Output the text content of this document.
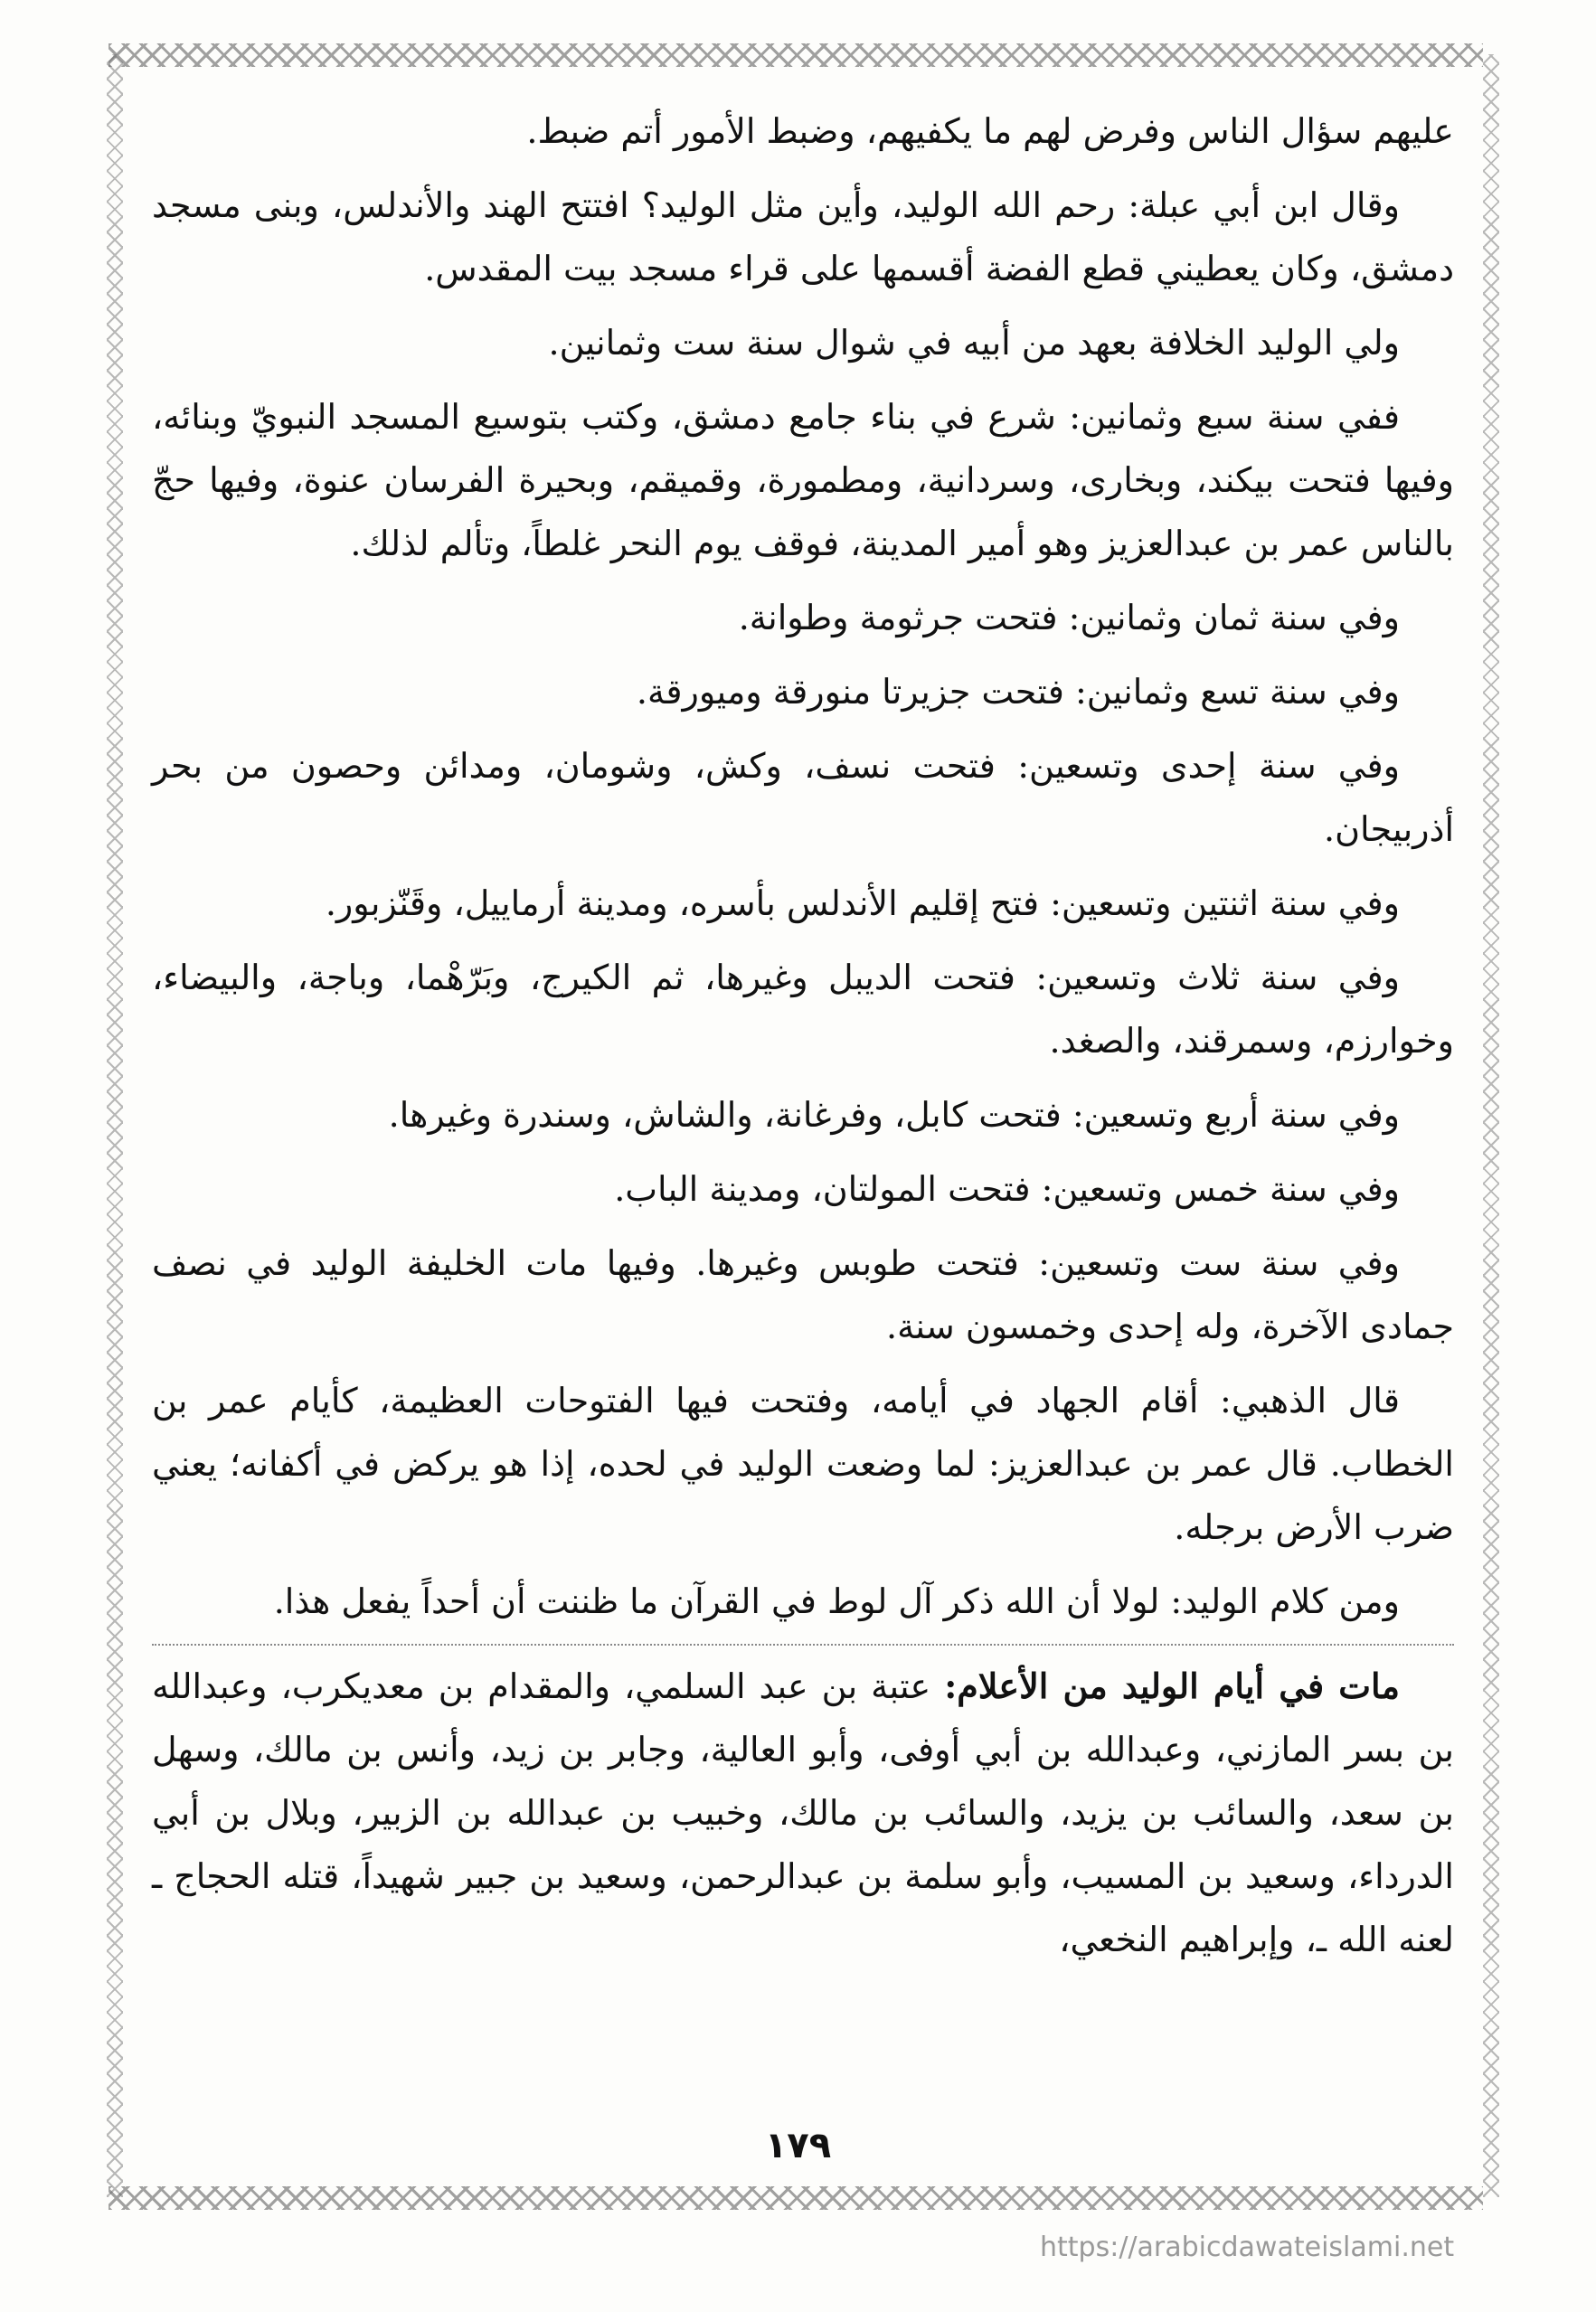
عليهم سؤال الناس وفرض لهم ما يكفيهم، وضبط الأمور أتم ضبط.

وقال ابن أبي عبلة: رحم الله الوليد، وأين مثل الوليد؟ افتتح الهند والأندلس، وبنى مسجد دمشق، وكان يعطيني قطع الفضة أقسمها على قراء مسجد بيت المقدس.

ولي الوليد الخلافة بعهد من أبيه في شوال سنة ست وثمانين.

ففي سنة سبع وثمانين: شرع في بناء جامع دمشق، وكتب بتوسيع المسجد النبويّ وبنائه، وفيها فتحت بيكند، وبخارى، وسردانية، ومطمورة، وقميقم، وبحيرة الفرسان عنوة، وفيها حجّ بالناس عمر بن عبدالعزيز وهو أمير المدينة، فوقف يوم النحر غلطاً، وتألم لذلك.

وفي سنة ثمان وثمانين: فتحت جرثومة وطوانة.

وفي سنة تسع وثمانين: فتحت جزيرتا منورقة وميورقة.

وفي سنة إحدى وتسعين: فتحت نسف، وكش، وشومان، ومدائن وحصون من بحر أذربيجان.

وفي سنة اثنتين وتسعين: فتح إقليم الأندلس بأسره، ومدينة أرماييل، وقَنّزبور.

وفي سنة ثلاث وتسعين: فتحت الديبل وغيرها، ثم الكيرج، وبَرّهْما، وباجة، والبيضاء، وخوارزم، وسمرقند، والصغد.

وفي سنة أربع وتسعين: فتحت كابل، وفرغانة، والشاش، وسندرة وغيرها.

وفي سنة خمس وتسعين: فتحت المولتان، ومدينة الباب.

وفي سنة ست وتسعين: فتحت طوبس وغيرها. وفيها مات الخليفة الوليد في نصف جمادى الآخرة، وله إحدى وخمسون سنة.

قال الذهبي: أقام الجهاد في أيامه، وفتحت فيها الفتوحات العظيمة، كأيام عمر بن الخطاب. قال عمر بن عبدالعزيز: لما وضعت الوليد في لحده، إذا هو يركض في أكفانه؛ يعني ضرب الأرض برجله.

ومن كلام الوليد: لولا أن الله ذكر آل لوط في القرآن ما ظننت أن أحداً يفعل هذا.

مات في أيام الوليد من الأعلام: عتبة بن عبد السلمي، والمقدام بن معديكرب، وعبدالله بن بسر المازني، وعبدالله بن أبي أوفى، وأبو العالية، وجابر بن زيد، وأنس بن مالك، وسهل بن سعد، والسائب بن يزيد، والسائب بن مالك، وخبيب بن عبدالله بن الزبير، وبلال بن أبي الدرداء، وسعيد بن المسيب، وأبو سلمة بن عبدالرحمن، وسعيد بن جبير شهيداً، قتله الحجاج ـ لعنه الله ـ، وإبراهيم النخعي،

١٧٩
https://arabicdawateislami.net
